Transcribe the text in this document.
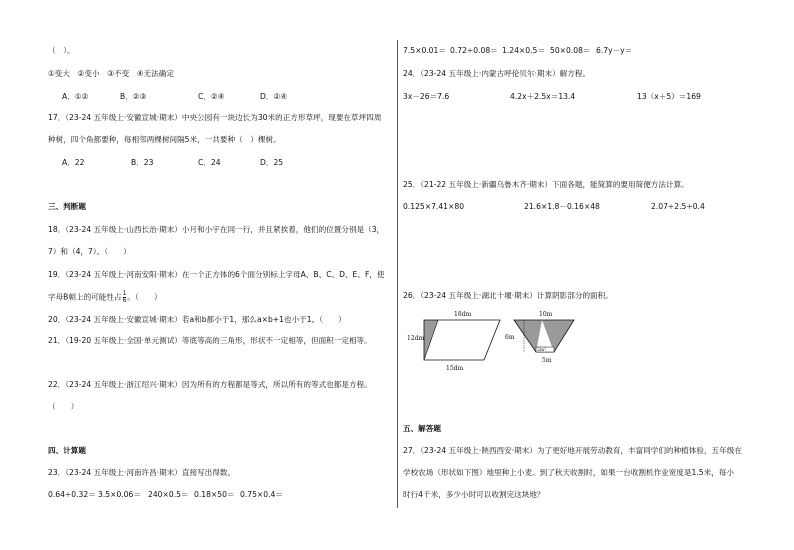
（　）。
①变大　②变小　③不变　④无法确定
A．①②	B．②③	C．②④	D．②④
17．（23-24 五年级上·安徽宣城·期末）中央公园有一块边长为30米的正方形草坪，现要在草坪四周
种树，四个角都要种，每相邻两棵树间隔5米，一共要种（　）棵树。
A．22	B．23	C．24	D．25
三、判断题
18．（23-24 五年级上·山西长治·期末）小月和小宇在同一行，并且紧挨着，他们的位置分别是（3，
7）和（4，7）。（　　）
19．（23-24 五年级上·河南安阳·期末）在一个正方体的6个面分别标上字母A、B、C、D、E、F，使
字母B朝上的可能性占 $\frac{1}{6}$ 。（　　）
20．（23-24 五年级上·安徽宣城·期末）若a和b都小于1，那么a×b+1也小于1。（　　）
21．（19-20 五年级上·全国·单元测试）等底等高的三角形，形状不一定相等，但面积一定相等。
22．（23-24 五年级上·浙江绍兴·期末）因为所有的方程都是等式，所以所有的等式也都是方程。
（　　）
四、计算题
23．（23-24 五年级上·河南许昌·期末）直接写出得数。
0.64÷0.32＝ 3.5×0.06＝ 240×0.5＝ 0.18×50＝ 0.75×0.4＝
7.5×0.01＝ 0.72÷0.08＝ 1.24×0.5＝ 50×0.08＝ 6.7y－y＝
24．（23-24 五年级上·内蒙古呼伦贝尔·期末）解方程。
3x－26＝7.6	4.2x＋2.5x＝13.4	13（x＋5）＝169
25．（21-22 五年级上·新疆乌鲁木齐·期末）下面各题，能简算的要用简便方法计算。
0.125×7.41×80	21.6×1.8－0.16×48	2.07÷2.5÷0.4
26．（23-24 五年级上·湖北十堰·期末）计算阴影部分的面积。
18dm
12dm
15dm
10m
6m
2m²
5m
五、解答题
27．（23-24 五年级上·陕西西安·期末）为了更好地开展劳动教育，丰富同学们的种植体验，五年级在
学校农场（形状如下图）地里种上小麦。到了秋天收割时，如果一台收割机作业宽度是1.5米，每小
时行4千米，多少小时可以收割完这块地？
